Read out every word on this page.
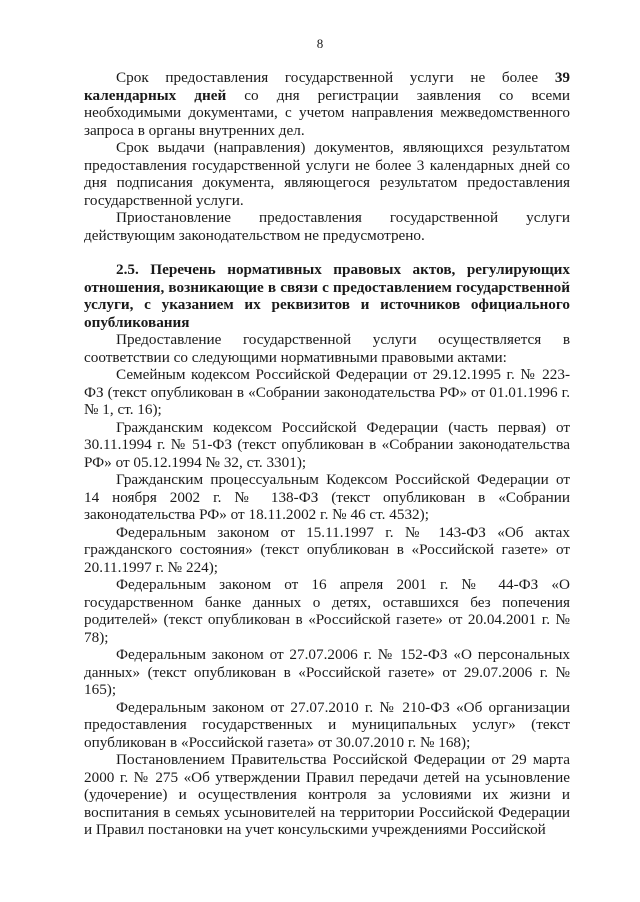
8

Срок предоставления государственной услуги не более 39 календарных дней со дня регистрации заявления со всеми необходимыми документами, с учетом направления межведомственного запроса в органы внутренних дел.

Срок выдачи (направления) документов, являющихся результатом предоставления государственной услуги не более 3 календарных дней со дня подписания документа, являющегося результатом предоставления государственной услуги.

Приостановление предоставления государственной услуги действующим законодательством не предусмотрено.

2.5. Перечень нормативных правовых актов, регулирующих отношения, возникающие в связи с предоставлением государственной услуги, с указанием их реквизитов и источников официального опубликования

Предоставление государственной услуги осуществляется в соответствии со следующими нормативными правовыми актами:

Семейным кодексом Российской Федерации от 29.12.1995 г. № 223-ФЗ (текст опубликован в «Собрании законодательства РФ» от 01.01.1996 г. № 1, ст. 16);

Гражданским кодексом Российской Федерации (часть первая) от 30.11.1994 г. № 51-ФЗ (текст опубликован в «Собрании законодательства РФ» от 05.12.1994 № 32, ст. 3301);

Гражданским процессуальным Кодексом Российской Федерации от 14 ноября 2002 г. № 138-ФЗ (текст опубликован в «Собрании законодательства РФ» от 18.11.2002 г. № 46 ст. 4532);

Федеральным законом от 15.11.1997 г. № 143-ФЗ «Об актах гражданского состояния» (текст опубликован в «Российской газете» от 20.11.1997 г. № 224);

Федеральным законом от 16 апреля 2001 г. № 44-ФЗ «О государственном банке данных о детях, оставшихся без попечения родителей» (текст опубликован в «Российской газете» от 20.04.2001 г. № 78);

Федеральным законом от 27.07.2006 г. № 152-ФЗ «О персональных данных» (текст опубликован в «Российской газете» от 29.07.2006 г. № 165);

Федеральным законом от 27.07.2010 г. № 210-ФЗ «Об организации предоставления государственных и муниципальных услуг» (текст опубликован в «Российской газета» от 30.07.2010 г. № 168);

Постановлением Правительства Российской Федерации от 29 марта 2000 г. № 275 «Об утверждении Правил передачи детей на усыновление (удочерение) и осуществления контроля за условиями их жизни и воспитания в семьях усыновителей на территории Российской Федерации и Правил постановки на учет консульскими учреждениями Российской
